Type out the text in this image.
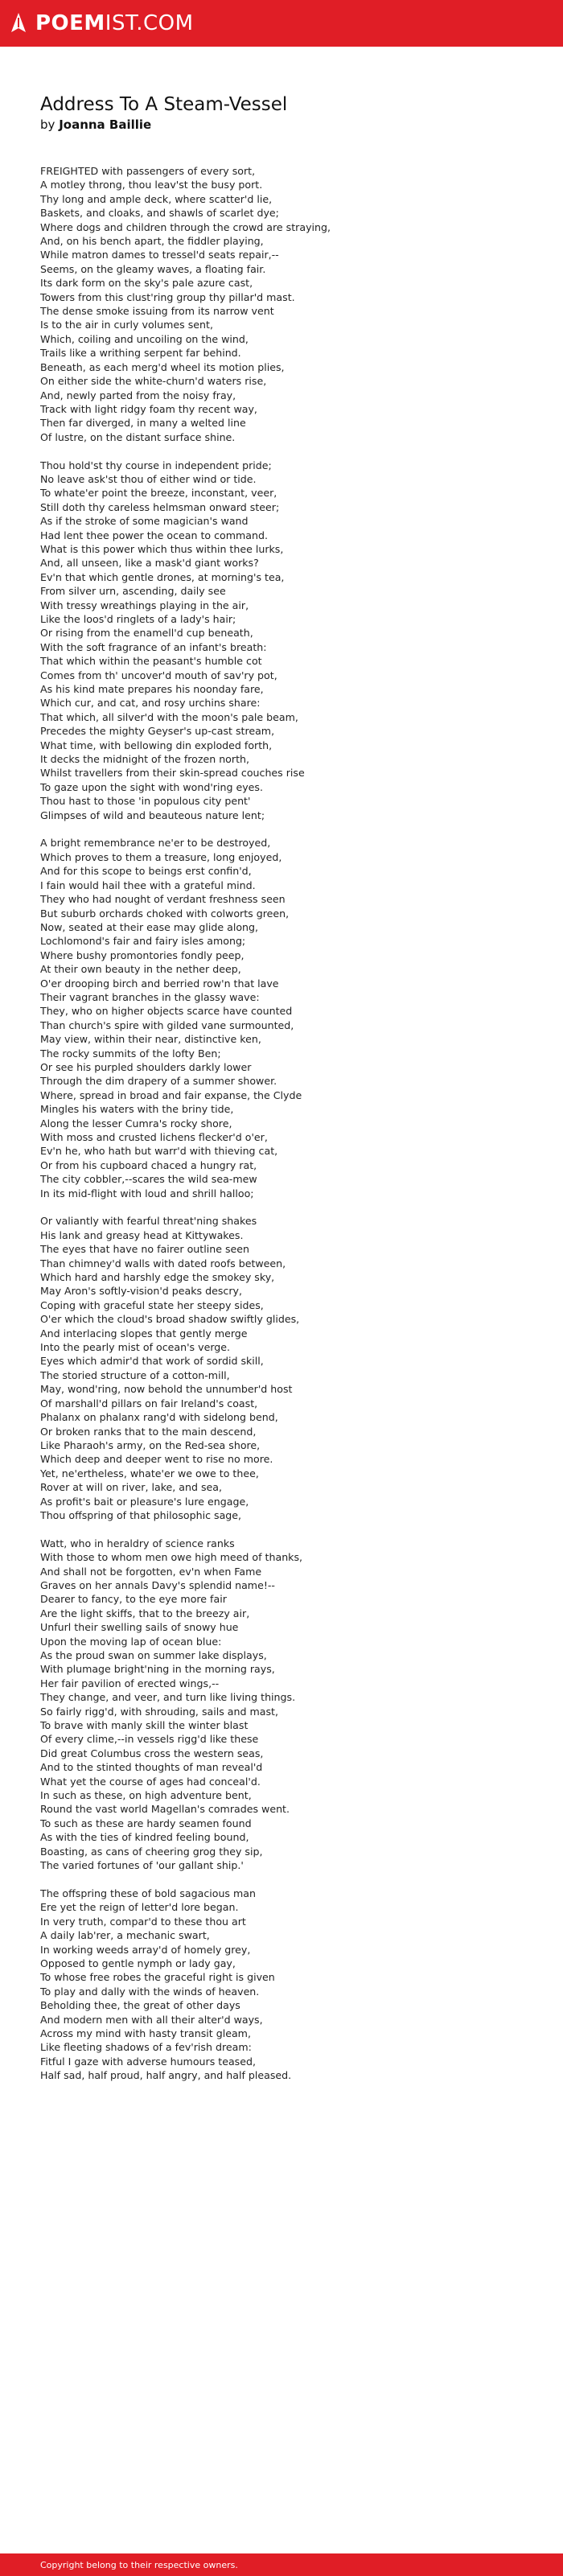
POEMIST.COM
Address To A Steam-Vessel
by Joanna Baillie
FREIGHTED with passengers of every sort,
A motley throng, thou leav'st the busy port.
Thy long and ample deck, where scatter'd lie,
Baskets, and cloaks, and shawls of scarlet dye;
Where dogs and children through the crowd are straying,
And, on his bench apart, the fiddler playing,
While matron dames to tressel'd seats repair,--
Seems, on the gleamy waves, a floating fair.
Its dark form on the sky's pale azure cast,
Towers from this clust'ring group thy pillar'd mast.
The dense smoke issuing from its narrow vent
Is to the air in curly volumes sent,
Which, coiling and uncoiling on the wind,
Trails like a writhing serpent far behind.
Beneath, as each merg'd wheel its motion plies,
On either side the white-churn'd waters rise,
And, newly parted from the noisy fray,
Track with light ridgy foam thy recent way,
Then far diverged, in many a welted line
Of lustre, on the distant surface shine.
Thou hold'st thy course in independent pride;
No leave ask'st thou of either wind or tide.
To whate'er point the breeze, inconstant, veer,
Still doth thy careless helmsman onward steer;
As if the stroke of some magician's wand
Had lent thee power the ocean to command.
What is this power which thus within thee lurks,
And, all unseen, like a mask'd giant works?
Ev'n that which gentle drones, at morning's tea,
From silver urn, ascending, daily see
With tressy wreathings playing in the air,
Like the loos'd ringlets of a lady's hair;
Or rising from the enamell'd cup beneath,
With the soft fragrance of an infant's breath:
That which within the peasant's humble cot
Comes from th' uncover'd mouth of sav'ry pot,
As his kind mate prepares his noonday fare,
Which cur, and cat, and rosy urchins share:
That which, all silver'd with the moon's pale beam,
Precedes the mighty Geyser's up-cast stream,
What time, with bellowing din exploded forth,
It decks the midnight of the frozen north,
Whilst travellers from their skin-spread couches rise
To gaze upon the sight with wond'ring eyes.
Thou hast to those 'in populous city pent'
Glimpses of wild and beauteous nature lent;
A bright remembrance ne'er to be destroyed,
Which proves to them a treasure, long enjoyed,
And for this scope to beings erst confin'd,
I fain would hail thee with a grateful mind.
They who had nought of verdant freshness seen
But suburb orchards choked with colworts green,
Now, seated at their ease may glide along,
Lochlomond's fair and fairy isles among;
Where bushy promontories fondly peep,
At their own beauty in the nether deep,
O'er drooping birch and berried row'n that lave
Their vagrant branches in the glassy wave:
They, who on higher objects scarce have counted
Than church's spire with gilded vane surmounted,
May view, within their near, distinctive ken,
The rocky summits of the lofty Ben;
Or see his purpled shoulders darkly lower
Through the dim drapery of a summer shower.
Where, spread in broad and fair expanse, the Clyde
Mingles his waters with the briny tide,
Along the lesser Cumra's rocky shore,
With moss and crusted lichens flecker'd o'er,
Ev'n he, who hath but warr'd with thieving cat,
Or from his cupboard chaced a hungry rat,
The city cobbler,--scares the wild sea-mew
In its mid-flight with loud and shrill halloo;
Or valiantly with fearful threat'ning shakes
His lank and greasy head at Kittywakes.
The eyes that have no fairer outline seen
Than chimney'd walls with dated roofs between,
Which hard and harshly edge the smokey sky,
May Aron's softly-vision'd peaks descry,
Coping with graceful state her steepy sides,
O'er which the cloud's broad shadow swiftly glides,
And interlacing slopes that gently merge
Into the pearly mist of ocean's verge.
Eyes which admir'd that work of sordid skill,
The storied structure of a cotton-mill,
May, wond'ring, now behold the unnumber'd host
Of marshall'd pillars on fair Ireland's coast,
Phalanx on phalanx rang'd with sidelong bend,
Or broken ranks that to the main descend,
Like Pharaoh's army, on the Red-sea shore,
Which deep and deeper went to rise no more.
Yet, ne'ertheless, whate'er we owe to thee,
Rover at will on river, lake, and sea,
As profit's bait or pleasure's lure engage,
Thou offspring of that philosophic sage,
Watt, who in heraldry of science ranks
With those to whom men owe high meed of thanks,
And shall not be forgotten, ev'n when Fame
Graves on her annals Davy's splendid name!--
Dearer to fancy, to the eye more fair
Are the light skiffs, that to the breezy air,
Unfurl their swelling sails of snowy hue
Upon the moving lap of ocean blue:
As the proud swan on summer lake displays,
With plumage bright'ning in the morning rays,
Her fair pavilion of erected wings,--
They change, and veer, and turn like living things.
So fairly rigg'd, with shrouding, sails and mast,
To brave with manly skill the winter blast
Of every clime,--in vessels rigg'd like these
Did great Columbus cross the western seas,
And to the stinted thoughts of man reveal'd
What yet the course of ages had conceal'd.
In such as these, on high adventure bent,
Round the vast world Magellan's comrades went.
To such as these are hardy seamen found
As with the ties of kindred feeling bound,
Boasting, as cans of cheering grog they sip,
The varied fortunes of 'our gallant ship.'
The offspring these of bold sagacious man
Ere yet the reign of letter'd lore began.
In very truth, compar'd to these thou art
A daily lab'rer, a mechanic swart,
In working weeds array'd of homely grey,
Opposed to gentle nymph or lady gay,
To whose free robes the graceful right is given
To play and dally with the winds of heaven.
Beholding thee, the great of other days
And modern men with all their alter'd ways,
Across my mind with hasty transit gleam,
Like fleeting shadows of a fev'rish dream:
Fitful I gaze with adverse humours teased,
Half sad, half proud, half angry, and half pleased.
Copyright belong to their respective owners.
